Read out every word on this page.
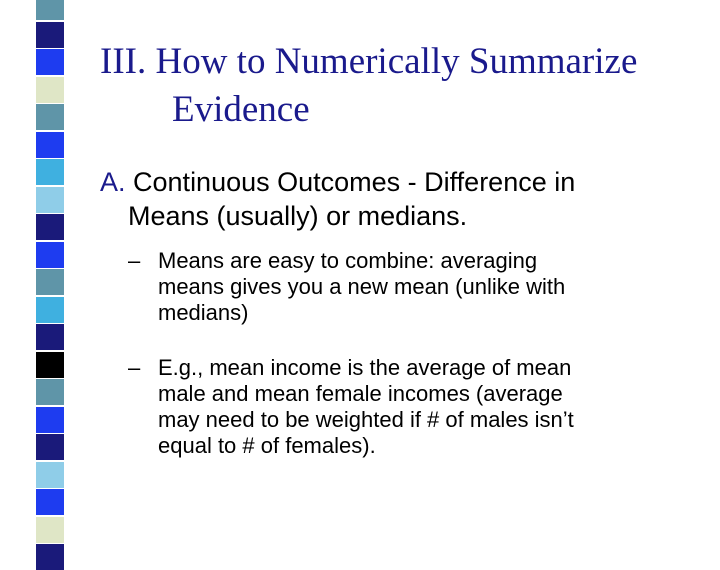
III. How to Numerically Summarize
Evidence

A. Continuous Outcomes - Difference in
Means (usually) or medians.

– Means are easy to combine: averaging
means gives you a new mean (unlike with
medians)

– E.g., mean income is the average of mean
male and mean female incomes (average
may need to be weighted if # of males isn’t
equal to # of females).
